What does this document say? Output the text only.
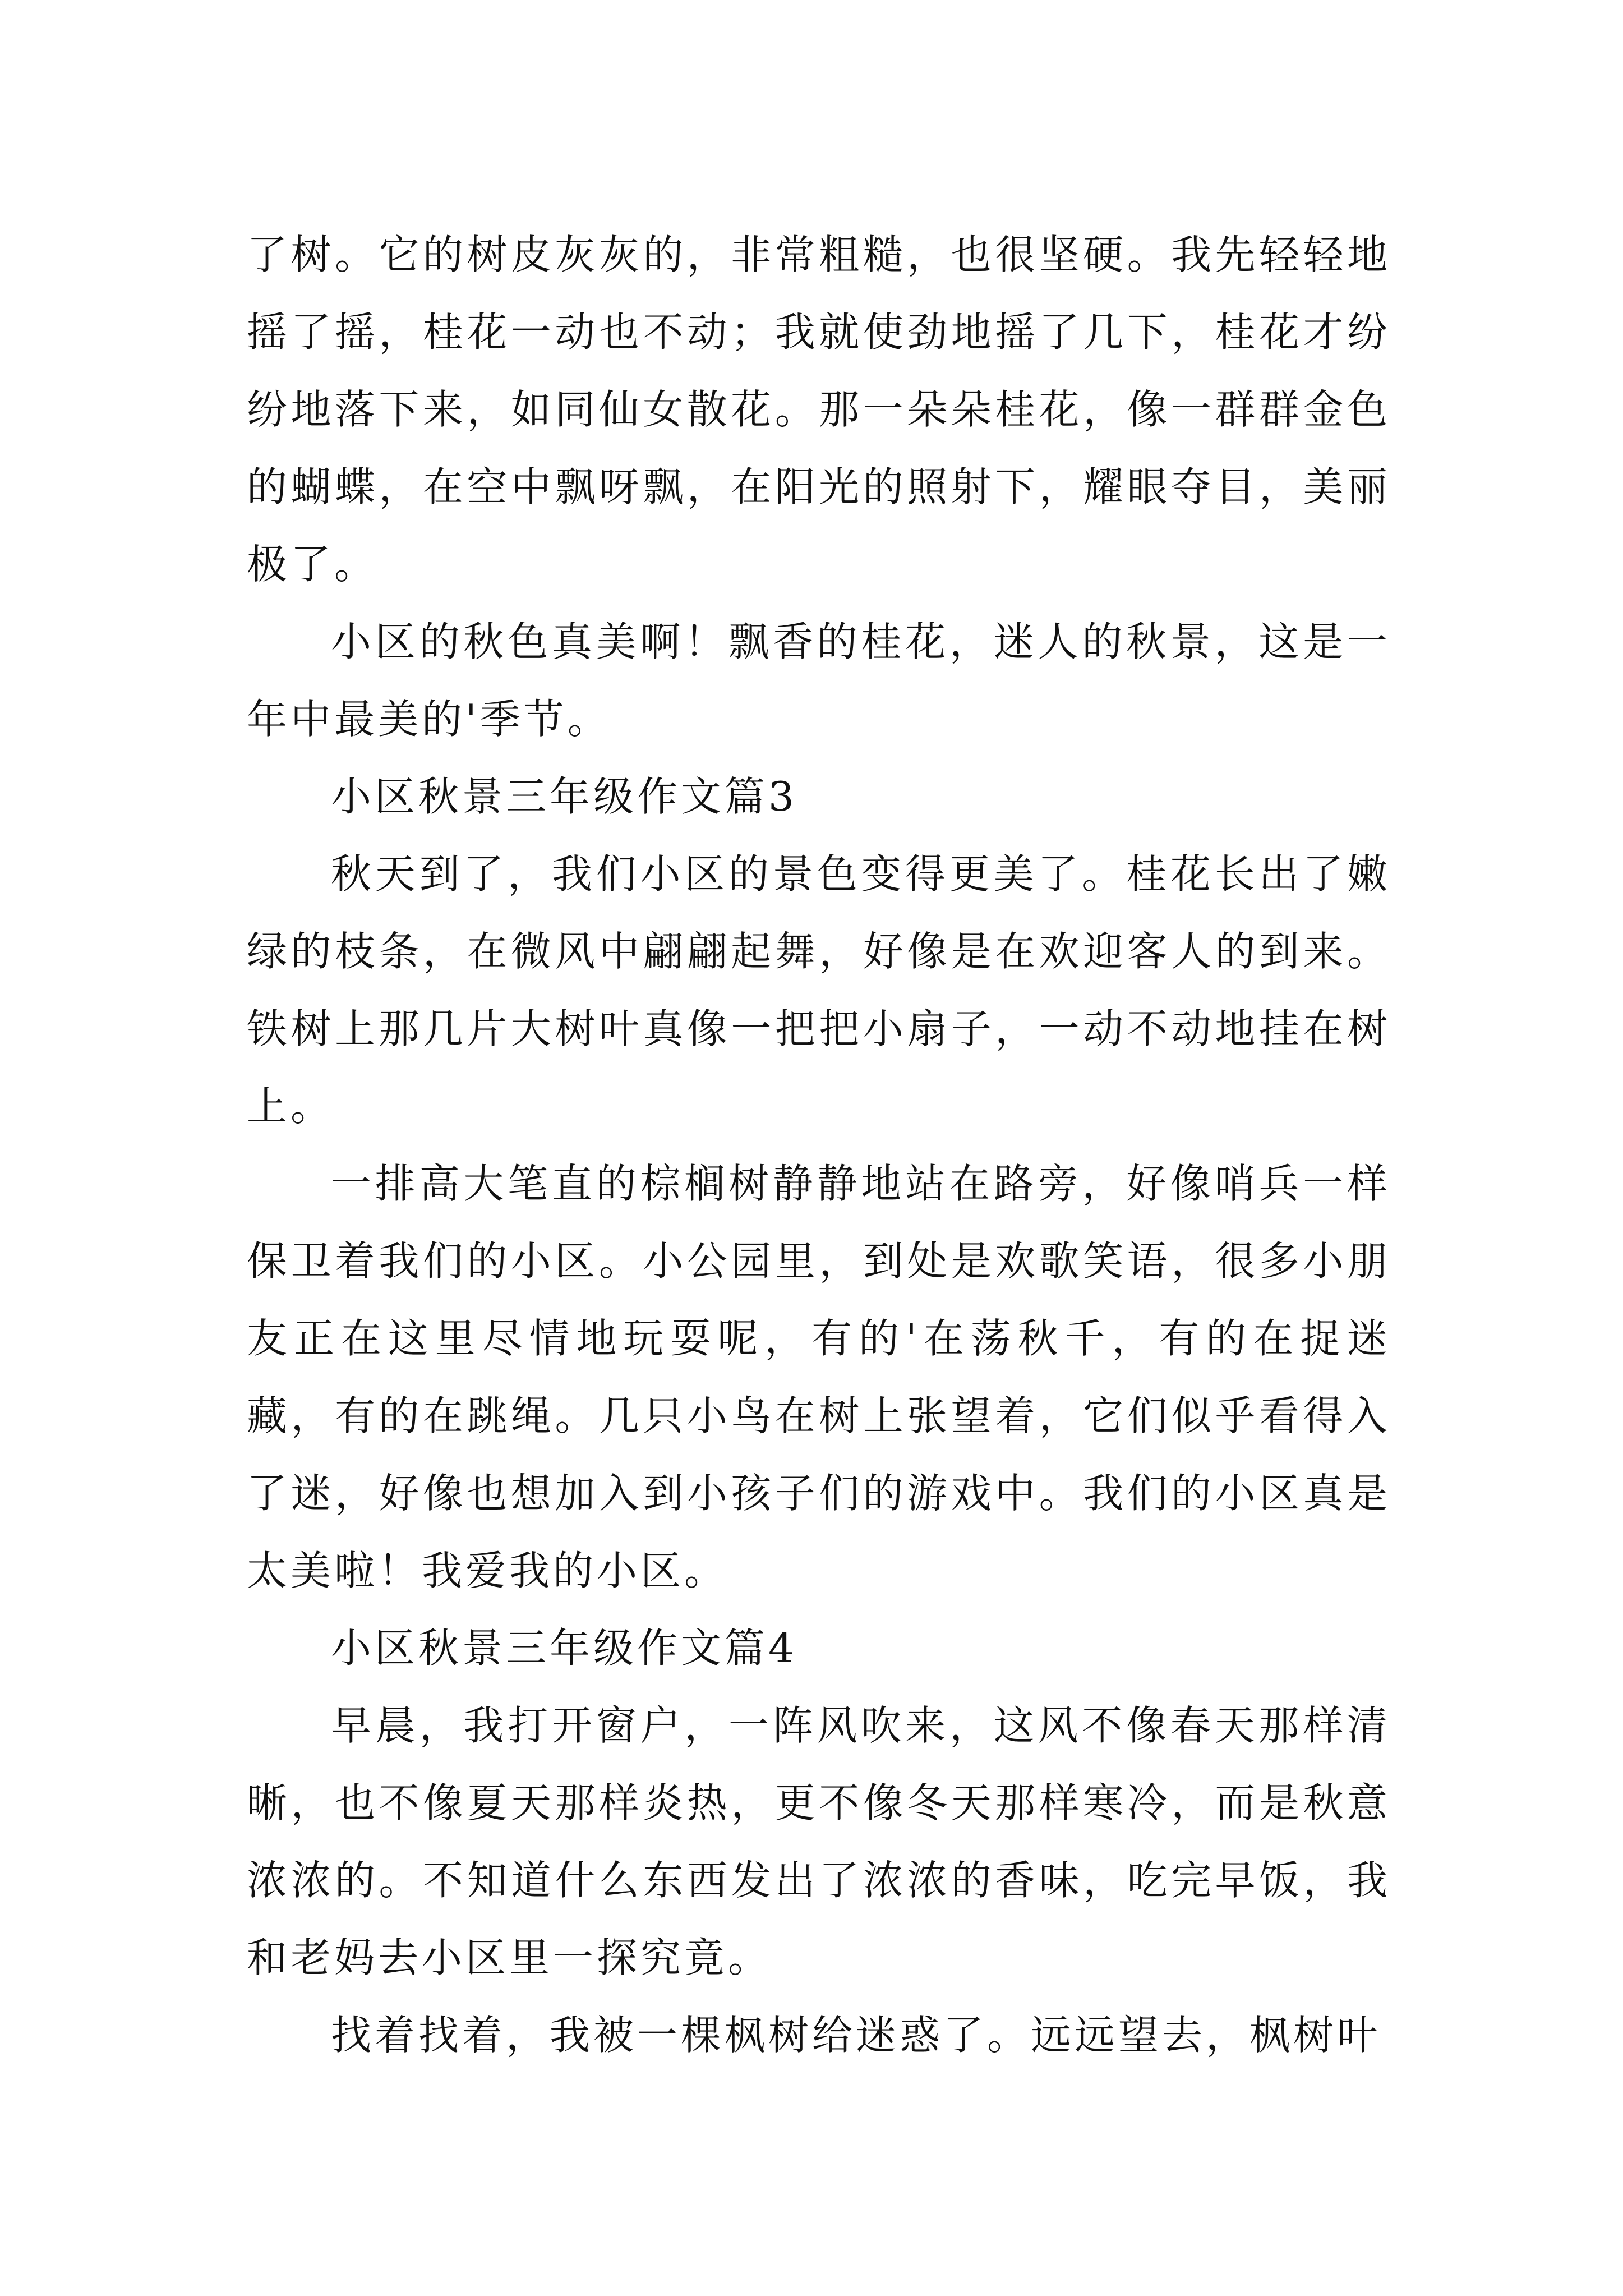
了树。它的树皮灰灰的，非常粗糙，也很坚硬。我先轻轻地摇了摇，桂花一动也不动；我就使劲地摇了几下，桂花才纷纷地落下来，如同仙女散花。那一朵朵桂花，像一群群金色的蝴蝶，在空中飘呀飘，在阳光的照射下，耀眼夺目，美丽极了。

小区的秋色真美啊！飘香的桂花，迷人的秋景，这是一年中最美的'季节。

小区秋景三年级作文篇3

秋天到了，我们小区的景色变得更美了。桂花长出了嫩绿的枝条，在微风中翩翩起舞，好像是在欢迎客人的到来。铁树上那几片大树叶真像一把把小扇子，一动不动地挂在树上。

一排高大笔直的棕榈树静静地站在路旁，好像哨兵一样保卫着我们的小区。小公园里，到处是欢歌笑语，很多小朋友正在这里尽情地玩耍呢，有的'在荡秋千，有的在捉迷藏，有的在跳绳。几只小鸟在树上张望着，它们似乎看得入了迷，好像也想加入到小孩子们的游戏中。我们的小区真是太美啦！我爱我的小区。

小区秋景三年级作文篇4

早晨，我打开窗户，一阵风吹来，这风不像春天那样清晰，也不像夏天那样炎热，更不像冬天那样寒冷，而是秋意浓浓的。不知道什么东西发出了浓浓的香味，吃完早饭，我和老妈去小区里一探究竟。

找着找着，我被一棵枫树给迷惑了。远远望去，枫树叶
